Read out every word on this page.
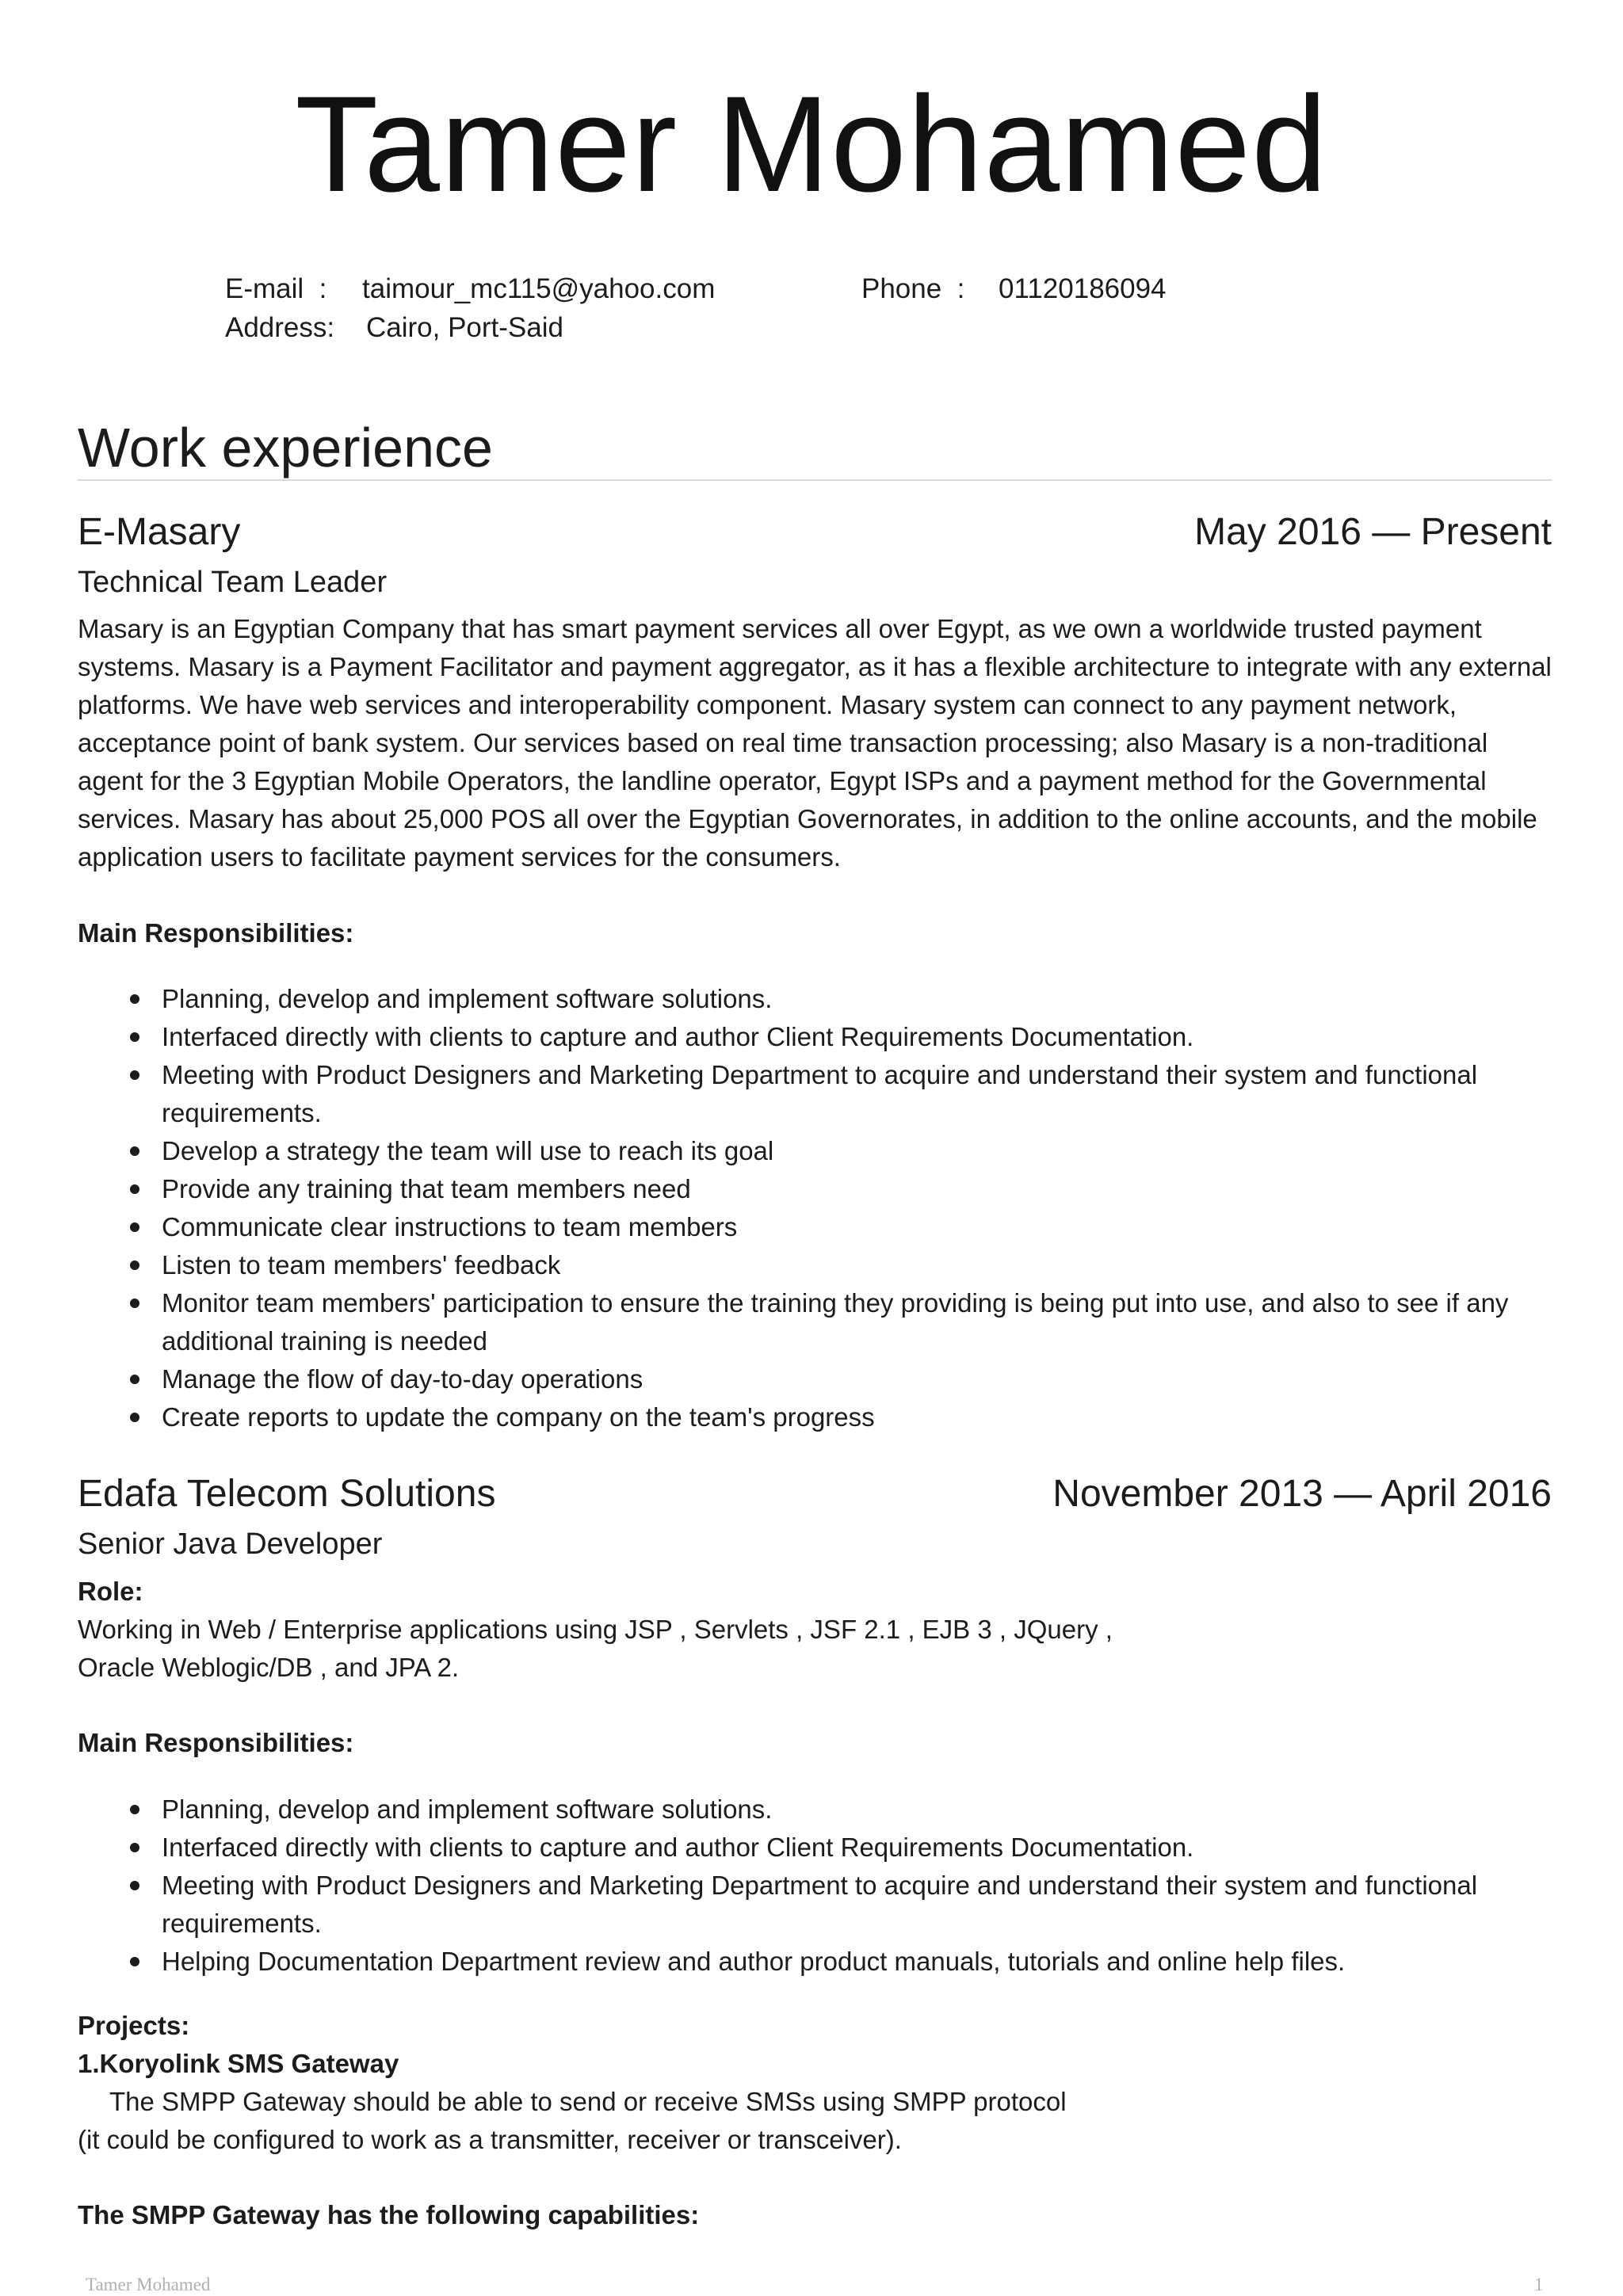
Tamer Mohamed
E-mail  : taimour_mc115@yahoo.com	Phone  : 01120186094
Address: Cairo, Port-Said
Work experience
E-Masary	May 2016 — Present
Technical Team Leader
Masary is an Egyptian Company that has smart payment services all over Egypt, as we own a worldwide trusted payment systems. Masary is a Payment Facilitator and payment aggregator, as it has a flexible architecture to integrate with any external platforms. We have web services and interoperability component. Masary system can connect to any payment network, acceptance point of bank system. Our services based on real time transaction processing; also Masary is a non-traditional agent for the 3 Egyptian Mobile Operators, the landline operator, Egypt ISPs and a payment method for the Governmental services. Masary has about 25,000 POS all over the Egyptian Governorates, in addition to the online accounts, and the mobile application users to facilitate payment services for the consumers.
Main Responsibilities:
Planning, develop and implement software solutions.
Interfaced directly with clients to capture and author Client Requirements Documentation.
Meeting with Product Designers and Marketing Department to acquire and understand their system and functional requirements.
Develop a strategy the team will use to reach its goal
Provide any training that team members need
Communicate clear instructions to team members
Listen to team members' feedback
Monitor team members' participation to ensure the training they providing is being put into use, and also to see if any additional training is needed
Manage the flow of day-to-day operations
Create reports to update the company on the team's progress
Edafa Telecom Solutions	November 2013 — April 2016
Senior Java Developer
Role:
Working in Web / Enterprise applications using JSP , Servlets , JSF 2.1 , EJB 3 , JQuery ,
Oracle Weblogic/DB , and JPA 2.
Main Responsibilities:
Planning, develop and implement software solutions.
Interfaced directly with clients to capture and author Client Requirements Documentation.
Meeting with Product Designers and Marketing Department to acquire and understand their system and functional requirements.
Helping Documentation Department review and author product manuals, tutorials and online help files.
Projects:
1.Koryolink SMS Gateway
The SMPP Gateway should be able to send or receive SMSs using SMPP protocol
(it could be configured to work as a transmitter, receiver or transceiver).
The SMPP Gateway has the following capabilities:
Tamer Mohamed	1
